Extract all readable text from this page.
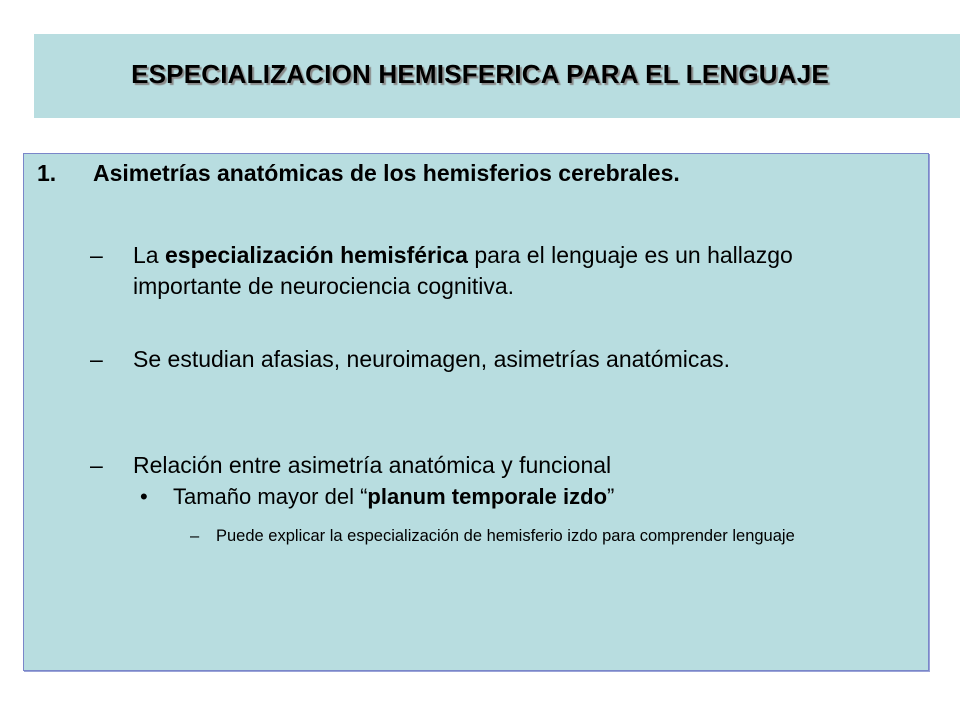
ESPECIALIZACION HEMISFERICA PARA EL LENGUAJE
1. Asimetrías anatómicas de los hemisferios cerebrales.
– La especialización hemisférica para el lenguaje es un hallazgo importante de neurociencia cognitiva.
– Se estudian afasias, neuroimagen, asimetrías anatómicas.
– Relación entre asimetría anatómica y funcional
• Tamaño mayor del “planum temporale izdo”
– Puede explicar la especialización de hemisferio izdo para comprender lenguaje
